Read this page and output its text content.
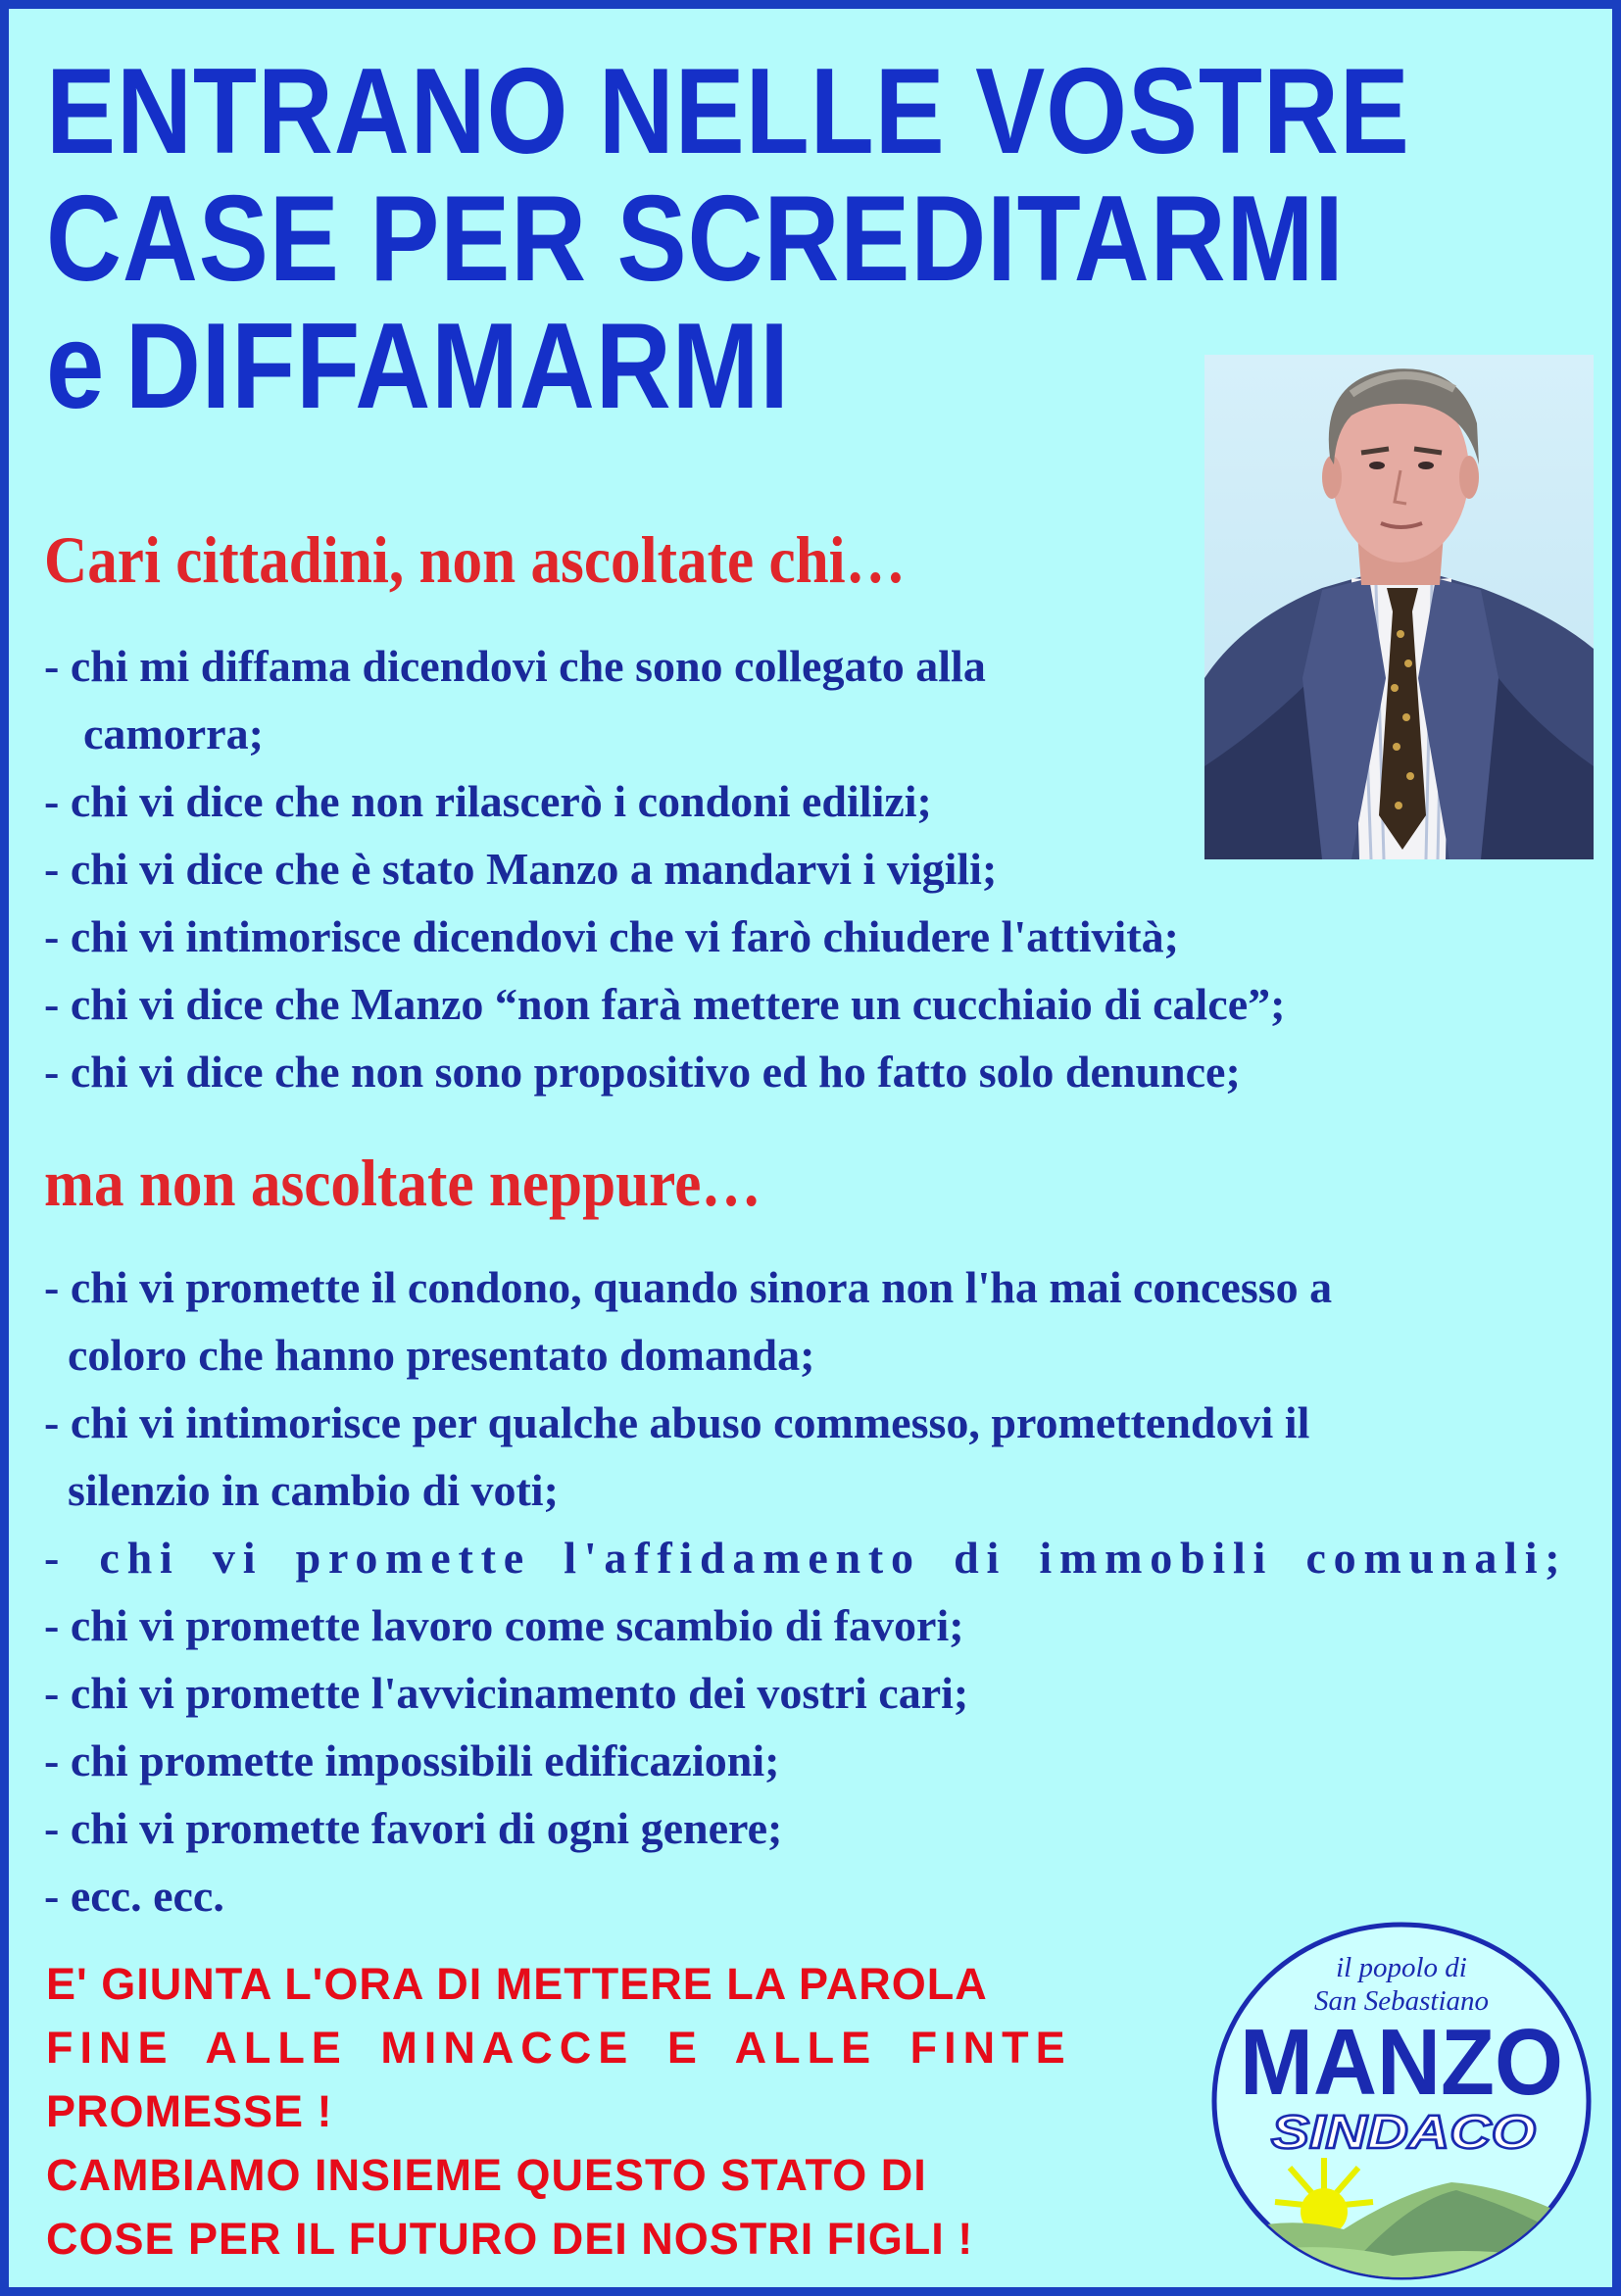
ENTRANO NELLE VOSTRE
CASE PER SCREDITARMI
e DIFFAMARMI
Cari cittadini, non ascoltate chi…
- chi mi diffama dicendovi che sono collegato alla
camorra;
- chi vi dice che non rilascerò i condoni edilizi;
- chi vi dice che è stato Manzo a mandarvi i vigili;
- chi vi intimorisce dicendovi che vi farò chiudere l'attività;
- chi vi dice che Manzo “non farà mettere un cucchiaio di calce”;
- chi vi dice che non sono propositivo ed ho fatto solo denunce;
ma non ascoltate neppure…
- chi vi promette il condono, quando sinora non l'ha mai concesso a
coloro che hanno presentato domanda;
- chi vi intimorisce per qualche abuso commesso, promettendovi il
silenzio in cambio di voti;
- chi vi promette l'affidamento di immobili comunali;
- chi vi promette lavoro come scambio di favori;
- chi vi promette l'avvicinamento dei vostri cari;
- chi promette impossibili edificazioni;
- chi vi promette favori di ogni genere;
- ecc. ecc.
E' GIUNTA L'ORA DI METTERE LA PAROLA
FINE ALLE MINACCE E ALLE FINTE
PROMESSE !
CAMBIAMO INSIEME QUESTO STATO DI
COSE PER IL FUTURO DEI NOSTRI FIGLI !
il popolo di
San Sebastiano
MANZO
SINDACO
